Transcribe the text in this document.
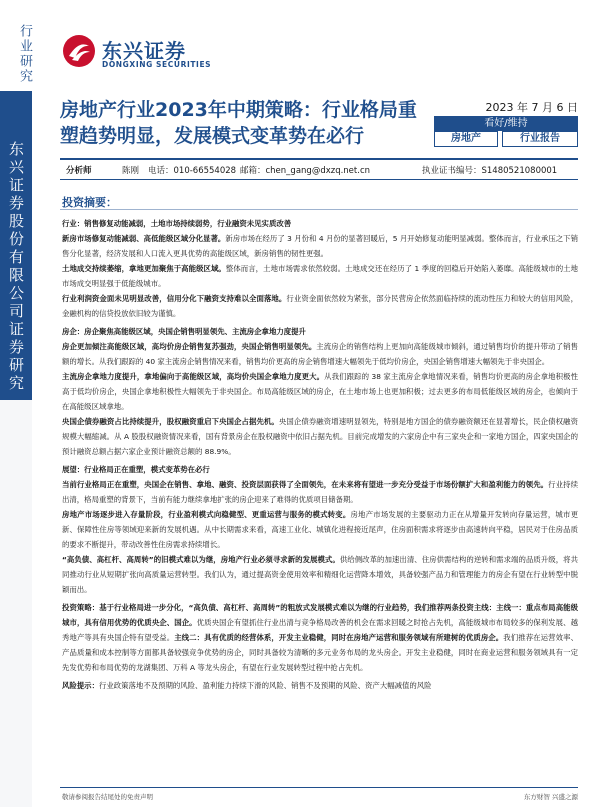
行业研究
东兴证券股份有限公司证券研究
东兴证券
DONGXING SECURITIES
房地产行业2023年中期策略：行业格局重塑趋势明显，发展模式变革势在必行
2023 年 7 月 6 日
看好/维持
房地产	行业报告
分析师	陈刚 电话：010-66554028 邮箱：chen_gang@dxzq.net.cn	执业证书编号：S1480521080001
投资摘要：

行业：销售修复动能减弱，土地市场持续弱势，行业融资未见实质改善

新房市场修复动能减弱、高低能级区域分化显著。新房市场在经历了 3 月份和 4 月份的显著回暖后，5 月开始修复动能明显减弱。整体而言，行业承压之下销售分化显著，经济发展和人口流入更具优势的高能级区域，新房销售的韧性更强。

土地成交持续萎缩，拿地更加聚焦于高能级区域。整体而言，土地市场需求依然较弱。土地成交还在经历了 1 季度的回稳后开始陷入萎靡。高能级城市的土地市场成交明显强于低能级城市。

行业利润资金面未见明显改善，信用分化下融资支持难以全面落地。行业资金面依然较为紧张，部分民营房企依然面临持续的流动性压力和较大的信用风险，金融机构的信贷投放依旧较为谨慎。

房企：房企聚焦高能级区域，央国企销售明显领先、主流房企拿地力度提升

房企更加倾注高能级区域，高均价房企销售复苏强劲，央国企销售明显领先。主流房企的销售结构上更加向高能级城市倾斜，通过销售均价的提升带动了销售额的增长。从我们跟踪的 40 家主流房企销售情况来看，销售均价更高的房企销售增速大幅领先于低均价房企，央国企销售增速大幅领先于非央国企。

主流房企拿地力度提升，拿地偏向于高能级区域，高均价央国企拿地力度更大。从我们跟踪的 38 家主流房企拿地情况来看，销售均价更高的房企拿地积极性高于低均价房企，央国企拿地积极性大幅领先于非央国企。布局高能级区域的房企，在土地市场上也更加积极；过去更多的布局低能级区域的房企，也倾向于在高能级区域拿地。

央国企债券融资占比持续提升，股权融资重启下央国企占据先机。央国企债券融资增速明显领先，特别是地方国企的债券融资额还在显著增长，民企债权融资规模大幅缩减。从 A 股股权融资情况来看，国有背景房企在股权融资中依旧占据先机。目前完成增发的六家房企中有三家央企和一家地方国企，四家央国企的预计融资总额占据六家企业预计融资总额的 88.9%。

展望：行业格局正在重塑，模式变革势在必行

当前行业格局正在重塑，央国企在销售、拿地、融资、投资层面获得了全面领先，在未来将有望进一步充分受益于市场份额扩大和盈利能力的领先。行业持续出清，格局重塑的背景下，当前有能力继续拿地扩张的房企迎来了难得的优质项目储备期。

房地产市场逐步进入存量阶段，行业盈利模式向稳健型、更重运营与服务的模式转变。房地产市场发展的主要驱动力正在从增量开发转向存量运营，城市更新、保障性住房等领域迎来新的发展机遇。从中长期需求来看，高速工业化、城镇化进程接近尾声，住房面积需求将逐步由高速转向平稳，居民对于住房品质的要求不断提升，带动改善性住房需求持续增长。

“高负债、高杠杆、高周转”的旧模式难以为继，房地产行业必须寻求新的发展模式。供给侧改革的加速出清、住房供需结构的逆转和需求端的品质升级，将共同推动行业从短期扩张向高质量运营转型。我们认为，通过提高资金使用效率和精细化运营降本增效，具备较强产品力和管理能力的房企有望在行业转型中脱颖而出。

投资策略：基于行业格局进一步分化，“高负债、高杠杆、高周转”的粗放式发展模式难以为继的行业趋势，我们推荐两条投资主线：主线一：重点布局高能级城市，具有信用优势的优质央企、国企。优质央国企有望抓住行业出清与竞争格局改善的机会在需求回暖之时抢占先机，高能级城市布局较多的保利发展、越秀地产等具有央国企特有望受益。主线二：具有优质的经营体系，开发主业稳健，同时在房地产运营和服务领域有所建树的优质房企。我们推荐在运营效率、产品质量和成本控制等方面都具备较强竞争优势的房企，同时具备较为清晰的多元业务布局的龙头房企。开发主业稳健，同时在商业运营和服务领域具有一定先发优势和布局优势的龙湖集团、万科 A 等龙头房企，有望在行业发展转型过程中抢占先机。

风险提示：行业政策落地不及预期的风险、盈利能力持续下滑的风险、销售不及预期的风险、资产大幅减值的风险

敬请参阅报告结尾处的免责声明	东方财智 兴盛之源
